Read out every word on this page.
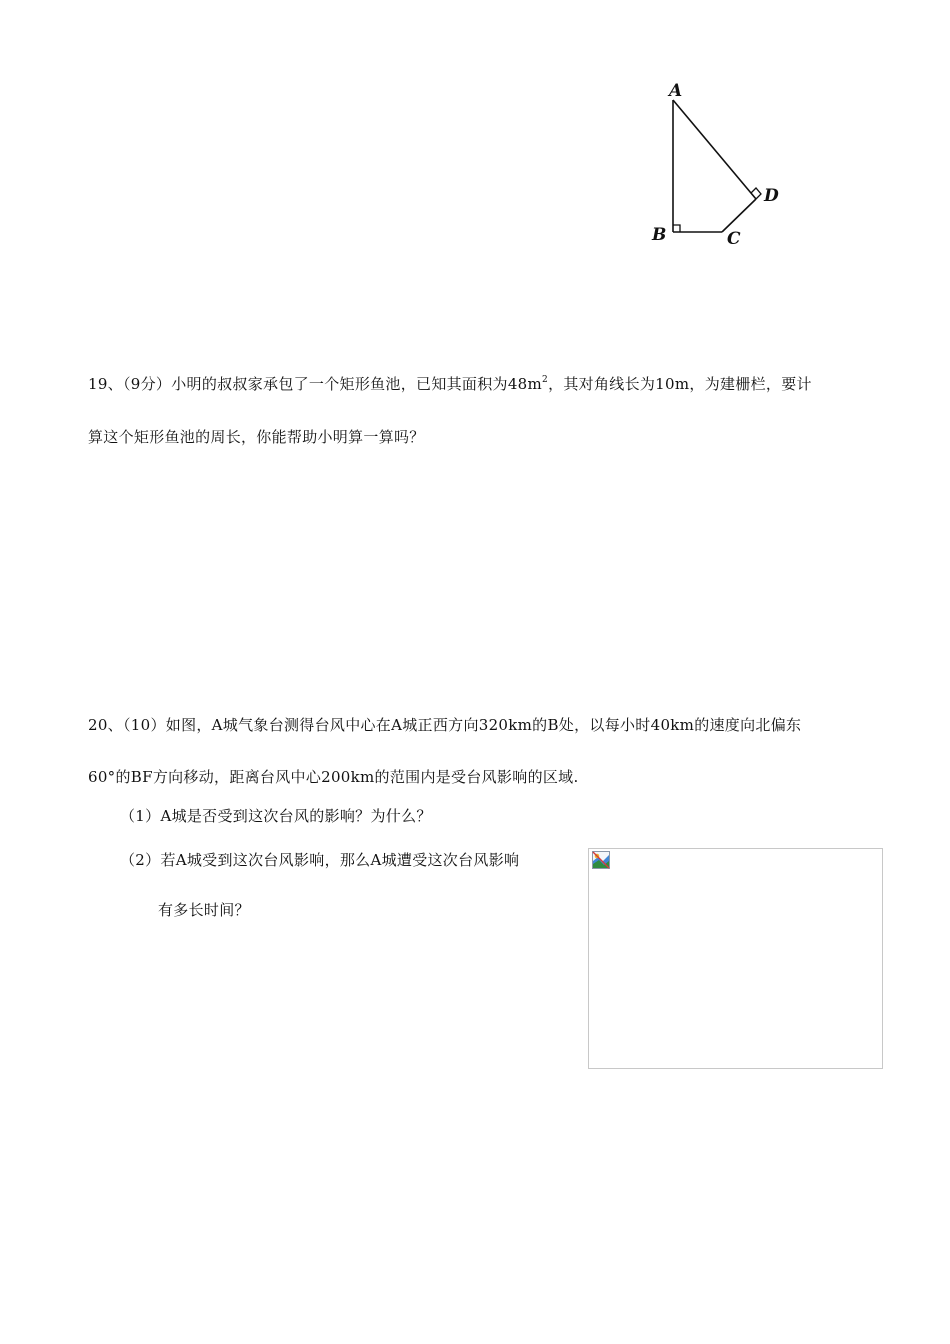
A
B	C
D
19、（9分）小明的叔叔家承包了一个矩形鱼池，已知其面积为$48m^2$，其对角线长为10m，为建栅栏，要计
算这个矩形鱼池的周长，你能帮助小明算一算吗？
20、（10）如图，A城气象台测得台风中心在A城正西方向320km的B处，以每小时40km的速度向北偏东
60°的BF方向移动，距离台风中心200km的范围内是受台风影响的区域.
（1）A城是否受到这次台风的影响？为什么？
（2）若A城受到这次台风影响，那么A城遭受这次台风影响
有多长时间？
